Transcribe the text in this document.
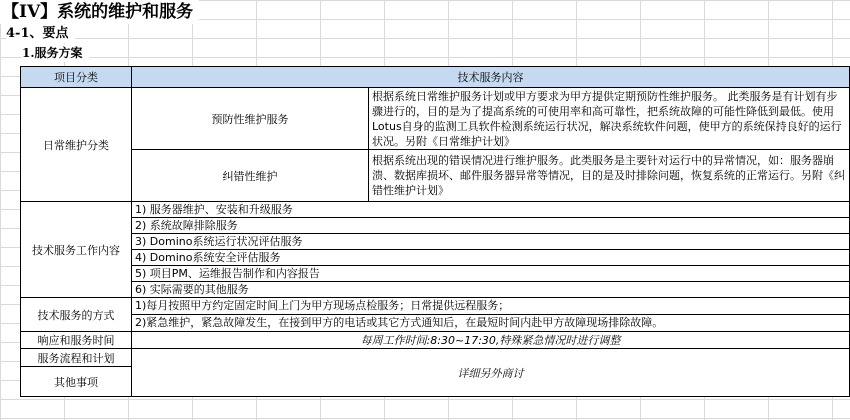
【IV】系统的维护和服务
4-1、要点
1.服务方案
项目分类	技术服务内容	
日常维护分类	预防性维护服务	根据系统日常维护服务计划或甲方要求为甲方提供定期预防性维护服务。 此类服务是有计划有步骤进行的，目的是为了提高系统的可使用率和高可靠性，把系统故障的可能性降低到最低。使用Lotus自身的监测工具软件检测系统运行状况，解决系统软件问题，使甲方的系统保持良好的运行状况。另附《日常维护计划》
	纠错性维护	根据系统出现的错误情况进行维护服务。此类服务是主要针对运行中的异常情况，如：服务器崩溃、数据库损坏、邮件服务器异常等情况，目的是及时排除问题，恢复系统的正常运行。另附《纠错性维护计划》
技术服务工作内容	1) 服务器维护、安装和升级服务	
	2) 系统故障排除服务	
	3) Domino系统运行状况评估服务	
	4) Domino系统安全评估服务	
	5) 项目PM、运维报告制作和内容报告	
	6) 实际需要的其他服务	
技术服务的方式	1)每月按照甲方约定固定时间上门为甲方现场点检服务；日常提供远程服务；	
	2)紧急维护，紧急故障发生，在接到甲方的电话或其它方式通知后，在最短时间内赴甲方故障现场排除故障。	
响应和服务时间	每周工作时间:8:30~17:30,特殊紧急情况时进行调整	
服务流程和计划	详细另外商讨	
其他事项		
